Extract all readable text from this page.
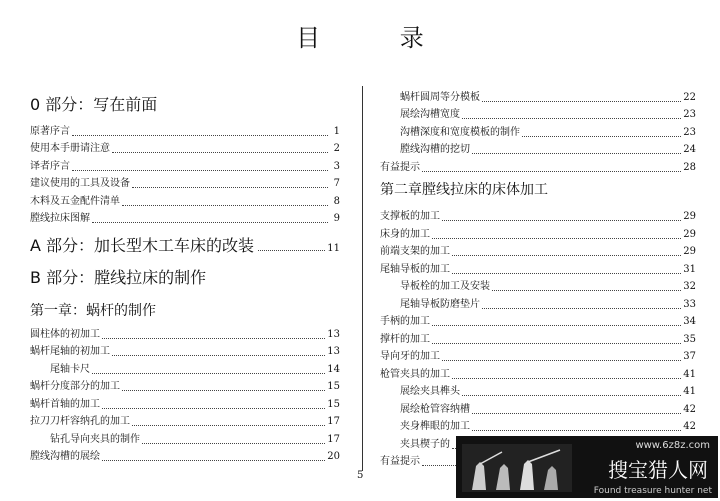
目 录
0 部分：写在前面
原著序言	1
使用本手册请注意	2
译者序言	3
建议使用的工具及设备	7
木料及五金配件清单	8
膛线拉床图解	9
A 部分：加长型木工车床的改装	11
B 部分：膛线拉床的制作
第一章：蜗杆的制作
圆柱体的初加工	13
蜗杆尾轴的初加工	13
尾轴卡尺	14
蜗杆分度部分的加工	15
蜗杆首轴的加工	15
拉刀刀杆容纳孔的加工	17
钻孔导向夹具的制作	17
膛线沟槽的展绘	20
蜗杆圆周等分模板	22
展绘沟槽宽度	23
沟槽深度和宽度模板的制作	23
膛线沟槽的挖切	24
有益提示	28
第二章膛线拉床的床体加工
支撑板的加工	29
床身的加工	29
前端支架的加工	29
尾轴导板的加工	31
导板栓的加工及安装	32
尾轴导板防磨垫片	33
手柄的加工	34
撑杆的加工	35
导向牙的加工	37
枪管夹具的加工	41
展绘夹具榫头	41
展绘枪管容纳槽	42
夹身榫眼的加工	42
夹具楔子的
有益提示
5
www.6z8z.com
搜宝猎人网
Found treasure hunter net
